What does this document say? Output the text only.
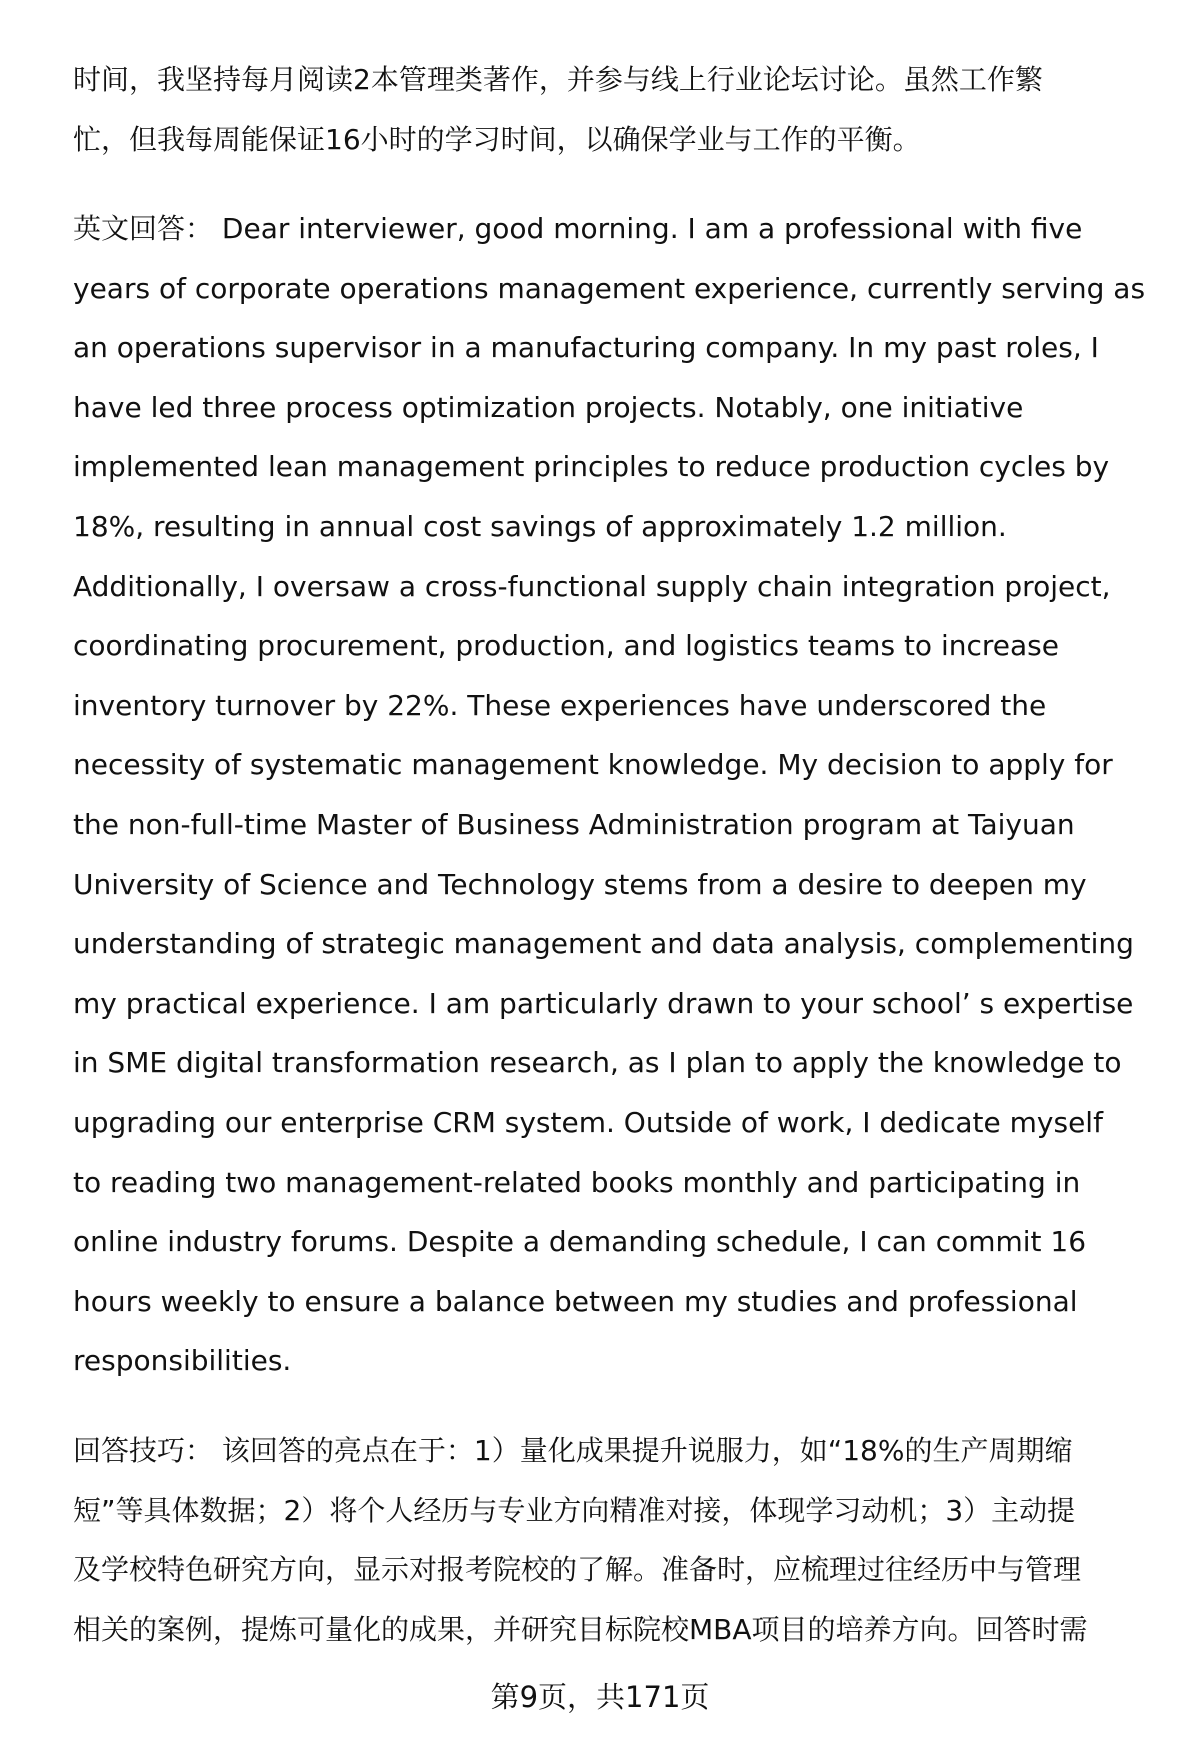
时间，我坚持每月阅读2本管理类著作，并参与线上行业论坛讨论。虽然工作繁
忙，但我每周能保证16小时的学习时间，以确保学业与工作的平衡。
英文回答： Dear interviewer, good morning. I am a professional with five
years of corporate operations management experience, currently serving as
an operations supervisor in a manufacturing company. In my past roles, I
have led three process optimization projects. Notably, one initiative
implemented lean management principles to reduce production cycles by
18%, resulting in annual cost savings of approximately 1.2 million.
Additionally, I oversaw a cross-functional supply chain integration project,
coordinating procurement, production, and logistics teams to increase
inventory turnover by 22%. These experiences have underscored the
necessity of systematic management knowledge. My decision to apply for
the non-full-time Master of Business Administration program at Taiyuan
University of Science and Technology stems from a desire to deepen my
understanding of strategic management and data analysis, complementing
my practical experience. I am particularly drawn to your school’ s expertise
in SME digital transformation research, as I plan to apply the knowledge to
upgrading our enterprise CRM system. Outside of work, I dedicate myself
to reading two management-related books monthly and participating in
online industry forums. Despite a demanding schedule, I can commit 16
hours weekly to ensure a balance between my studies and professional
responsibilities.
回答技巧： 该回答的亮点在于：1）量化成果提升说服力，如“18%的生产周期缩
短”等具体数据；2）将个人经历与专业方向精准对接，体现学习动机；3）主动提
及学校特色研究方向，显示对报考院校的了解。准备时，应梳理过往经历中与管理
相关的案例，提炼可量化的成果，并研究目标院校MBA项目的培养方向。回答时需
第9页，共171页
